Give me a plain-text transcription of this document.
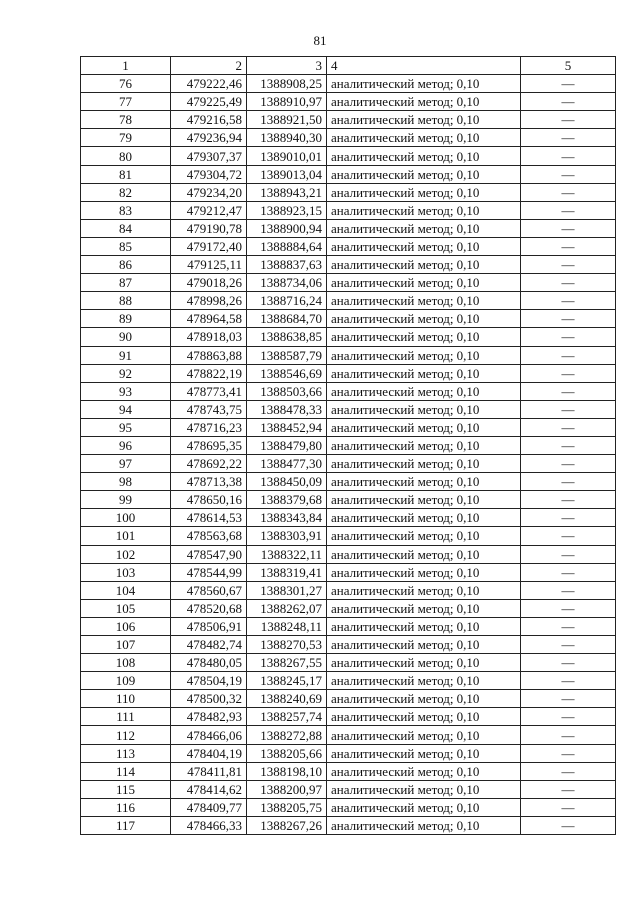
81
1	2	3	4	5
76	479222,46	1388908,25	аналитический метод; 0,10	—
77	479225,49	1388910,97	аналитический метод; 0,10	—
78	479216,58	1388921,50	аналитический метод; 0,10	—
79	479236,94	1388940,30	аналитический метод; 0,10	—
80	479307,37	1389010,01	аналитический метод; 0,10	—
81	479304,72	1389013,04	аналитический метод; 0,10	—
82	479234,20	1388943,21	аналитический метод; 0,10	—
83	479212,47	1388923,15	аналитический метод; 0,10	—
84	479190,78	1388900,94	аналитический метод; 0,10	—
85	479172,40	1388884,64	аналитический метод; 0,10	—
86	479125,11	1388837,63	аналитический метод; 0,10	—
87	479018,26	1388734,06	аналитический метод; 0,10	—
88	478998,26	1388716,24	аналитический метод; 0,10	—
89	478964,58	1388684,70	аналитический метод; 0,10	—
90	478918,03	1388638,85	аналитический метод; 0,10	—
91	478863,88	1388587,79	аналитический метод; 0,10	—
92	478822,19	1388546,69	аналитический метод; 0,10	—
93	478773,41	1388503,66	аналитический метод; 0,10	—
94	478743,75	1388478,33	аналитический метод; 0,10	—
95	478716,23	1388452,94	аналитический метод; 0,10	—
96	478695,35	1388479,80	аналитический метод; 0,10	—
97	478692,22	1388477,30	аналитический метод; 0,10	—
98	478713,38	1388450,09	аналитический метод; 0,10	—
99	478650,16	1388379,68	аналитический метод; 0,10	—
100	478614,53	1388343,84	аналитический метод; 0,10	—
101	478563,68	1388303,91	аналитический метод; 0,10	—
102	478547,90	1388322,11	аналитический метод; 0,10	—
103	478544,99	1388319,41	аналитический метод; 0,10	—
104	478560,67	1388301,27	аналитический метод; 0,10	—
105	478520,68	1388262,07	аналитический метод; 0,10	—
106	478506,91	1388248,11	аналитический метод; 0,10	—
107	478482,74	1388270,53	аналитический метод; 0,10	—
108	478480,05	1388267,55	аналитический метод; 0,10	—
109	478504,19	1388245,17	аналитический метод; 0,10	—
110	478500,32	1388240,69	аналитический метод; 0,10	—
111	478482,93	1388257,74	аналитический метод; 0,10	—
112	478466,06	1388272,88	аналитический метод; 0,10	—
113	478404,19	1388205,66	аналитический метод; 0,10	—
114	478411,81	1388198,10	аналитический метод; 0,10	—
115	478414,62	1388200,97	аналитический метод; 0,10	—
116	478409,77	1388205,75	аналитический метод; 0,10	—
117	478466,33	1388267,26	аналитический метод; 0,10	—
